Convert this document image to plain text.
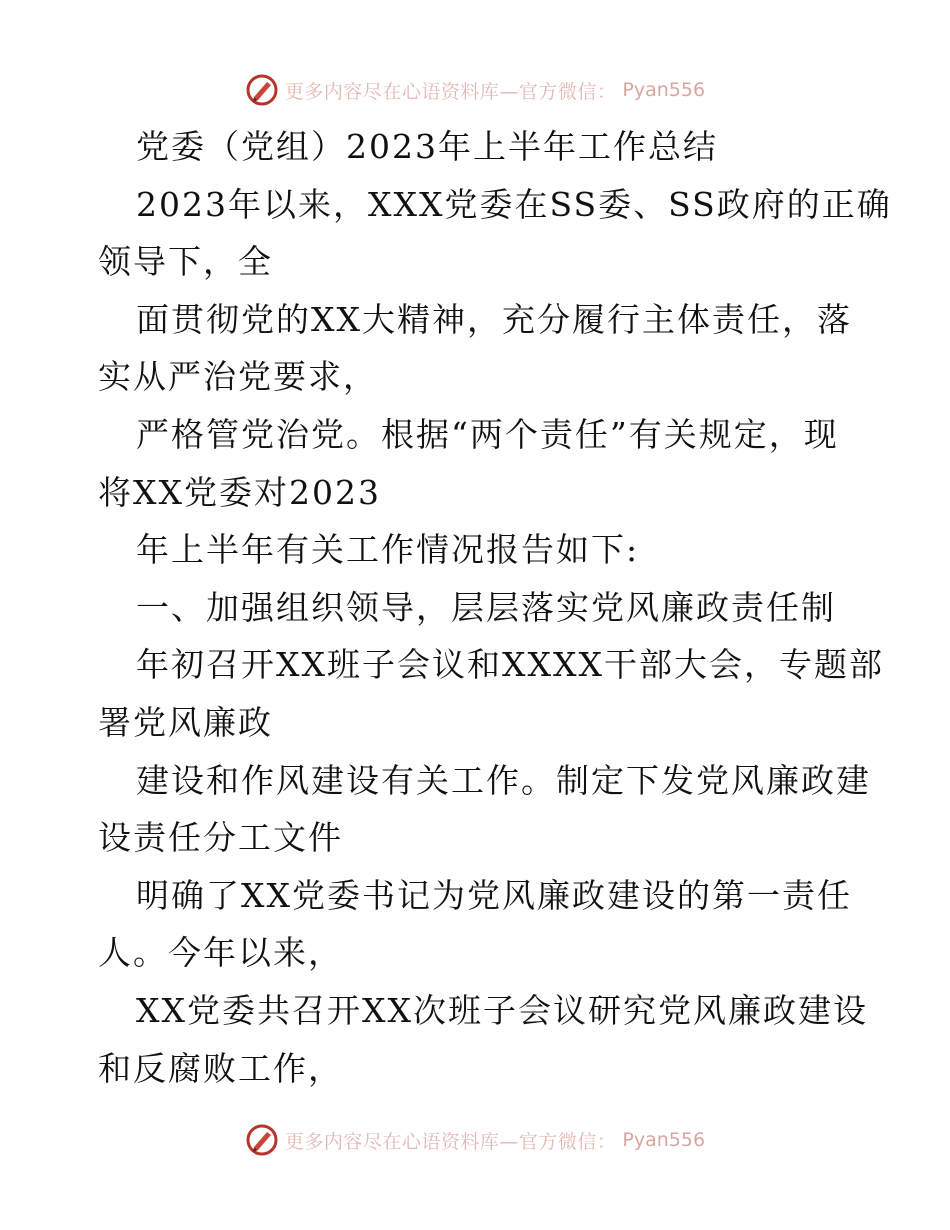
更多内容尽在心语资料库—官方微信： Pyan556
党委（党组）2023年上半年工作总结
2023年以来，XXX党委在SS委、SS政府的正确
领导下，全
面贯彻党的XX大精神，充分履行主体责任，落
实从严治党要求，
严格管党治党。根据“两个责任”有关规定，现
将XX党委对2023
年上半年有关工作情况报告如下:
一、加强组织领导，层层落实党风廉政责任制
年初召开XX班子会议和XXXX干部大会，专题部
署党风廉政
建设和作风建设有关工作。制定下发党风廉政建
设责任分工文件
明确了XX党委书记为党风廉政建设的第一责任
人。今年以来，
XX党委共召开XX次班子会议研究党风廉政建设
和反腐败工作，
更多内容尽在心语资料库—官方微信： Pyan556
